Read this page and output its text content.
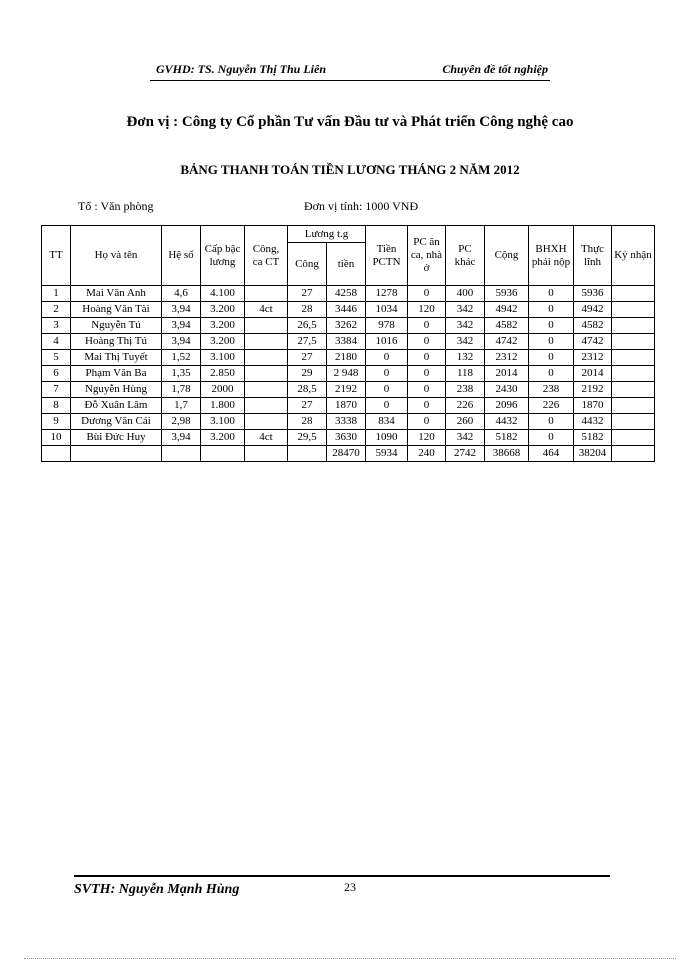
GVHD: TS. Nguyễn Thị Thu Liên	Chuyên đề tốt nghiệp
Đơn vị : Công ty Cổ phần Tư vấn Đầu tư và Phát triển Công nghệ cao
BẢNG THANH TOÁN TIỀN LƯƠNG THÁNG 2 NĂM 2012
Tổ : Văn phòng	Đơn vị tính: 1000 VNĐ
TT	Họ và tên	Hệ số	Cấp bậc lương	Công, ca CT	Lương t.g		Tiền PCTN	PC ăn ca, nhà ở	PC khác	Cộng	BHXH phải nộp	Thực lĩnh	Ký nhận
					Công	tiền							
1	Mai Văn Anh	4,6	4.100		27	4258	1278	0	400	5936	0	5936	
2	Hoàng Văn Tài	3,94	3.200	4ct	28	3446	1034	120	342	4942	0	4942	
3	Nguyễn Tú	3,94	3.200		26,5	3262	978	0	342	4582	0	4582	
4	Hoàng Thị Tú	3,94	3.200		27,5	3384	1016	0	342	4742	0	4742	
5	Mai Thị Tuyết	1,52	3.100		27	2180	0	0	132	2312	0	2312	
6	Phạm Văn Ba	1,35	2.850		29	2 948	0	0	118	2014	0	2014	
7	Nguyễn Hùng	1,78	2000		28,5	2192	0	0	238	2430	238	2192	
8	Đỗ Xuân Lâm	1,7	1.800		27	1870	0	0	226	2096	226	1870	
9	Dương Văn Cải	2,98	3.100		28	3338	834	0	260	4432	0	4432	
10	Bùi Đức Huy	3,94	3.200	4ct	29,5	3630	1090	120	342	5182	0	5182	
						28470	5934	240	2742	38668	464	38204	
SVTH: Nguyễn Mạnh Hùng	23
